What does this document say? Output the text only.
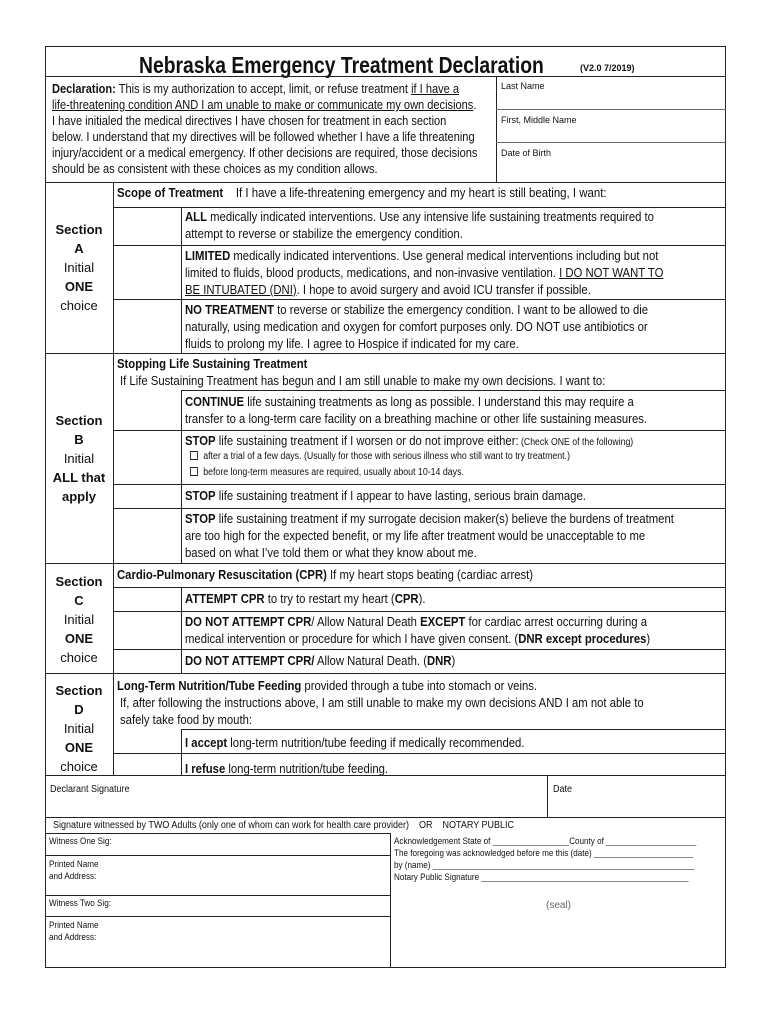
Nebraska Emergency Treatment Declaration	(V2.0 7/2019)
Last Name
First, Middle Name
Date of Birth
Declaration: This is my authorization to accept, limit, or refuse treatment if I have a
life-threatening condition AND I am unable to make or communicate my own decisions.
I have initialed the medical directives I have chosen for treatment in each section
below. I understand that my directives will be followed whether I have a life threatening
injury/accident or a medical emergency. If other decisions are required, those decisions
should be as consistent with these choices as my condition allows.
Section
A
Initial
ONE
choice
Scope of Treatment If I have a life-threatening emergency and my heart is still beating, I want:
ALL medically indicated interventions. Use any intensive life sustaining treatments required to
attempt to reverse or stabilize the emergency condition.
LIMITED medically indicated interventions. Use general medical interventions including but not
limited to fluids, blood products, medications, and non-invasive ventilation. I DO NOT WANT TO
BE INTUBATED (DNI). I hope to avoid surgery and avoid ICU transfer if possible.
NO TREATMENT to reverse or stabilize the emergency condition. I want to be allowed to die
naturally, using medication and oxygen for comfort purposes only. DO NOT use antibiotics or
fluids to prolong my life. I agree to Hospice if indicated for my care.
Section
B
Initial
ALL that
apply
Stopping Life Sustaining Treatment
If Life Sustaining Treatment has begun and I am still unable to make my own decisions. I want to:
CONTINUE life sustaining treatments as long as possible. I understand this may require a
transfer to a long-term care facility on a breathing machine or other life sustaining measures.
STOP life sustaining treatment if I worsen or do not improve either: (Check ONE of the following)
after a trial of a few days. (Usually for those with serious illness who still want to try treatment.)
before long-term measures are required, usually about 10-14 days.
STOP life sustaining treatment if I appear to have lasting, serious brain damage.
STOP life sustaining treatment if my surrogate decision maker(s) believe the burdens of treatment
are too high for the expected benefit, or my life after treatment would be unacceptable to me
based on what I’ve told them or what they know about me.
Section
C
Initial
ONE
choice
Cardio-Pulmonary Resuscitation (CPR) If my heart stops beating (cardiac arrest)
ATTEMPT CPR to try to restart my heart (CPR).
DO NOT ATTEMPT CPR/ Allow Natural Death EXCEPT for cardiac arrest occurring during a
medical intervention or procedure for which I have given consent. (DNR except procedures)
DO NOT ATTEMPT CPR/ Allow Natural Death. (DNR)
Section
D
Initial
ONE
choice
Long-Term Nutrition/Tube Feeding provided through a tube into stomach or veins.
If, after following the instructions above, I am still unable to make my own decisions AND I am not able to
safely take food by mouth:
I accept long-term nutrition/tube feeding if medically recommended.
I refuse long-term nutrition/tube feeding.
Declarant Signature	Date
Signature witnessed by TWO Adults (only one of whom can work for health care provider) OR NOTARY PUBLIC
Witness One Sig:
Printed Name
and Address:
Witness Two Sig:
Printed Name
and Address:
Acknowledgement State of _________________County of ____________________
The foregoing was acknowledged before me this (date) ______________________
by (name) __________________________________________________________
Notary Public Signature ______________________________________________
(seal)
